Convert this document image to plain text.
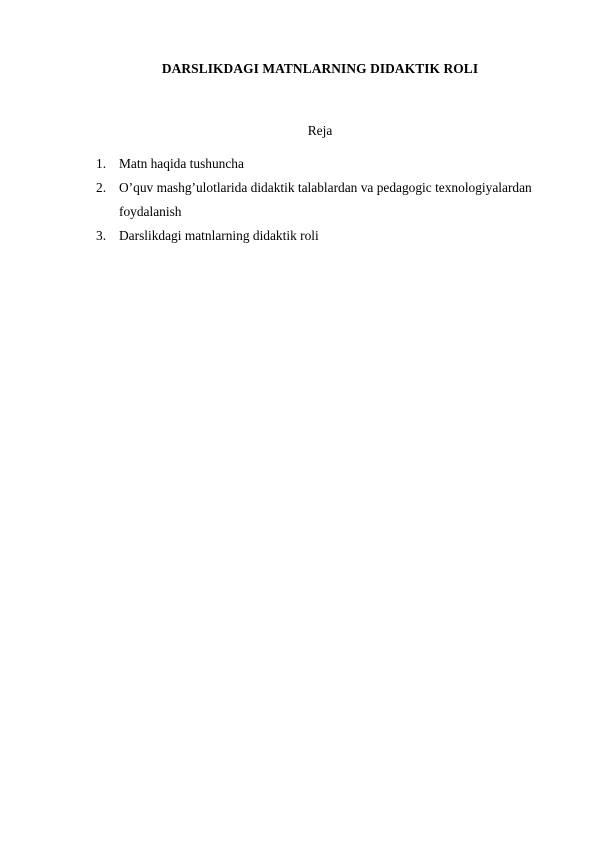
DARSLIKDAGI MATNLARNING DIDAKTIK ROLI
Reja
1. Matn haqida tushuncha
2. O’quv mashg’ulotlarida didaktik talablardan va pedagogic texnologiyalardan foydalanish
3. Darslikdagi matnlarning didaktik roli
